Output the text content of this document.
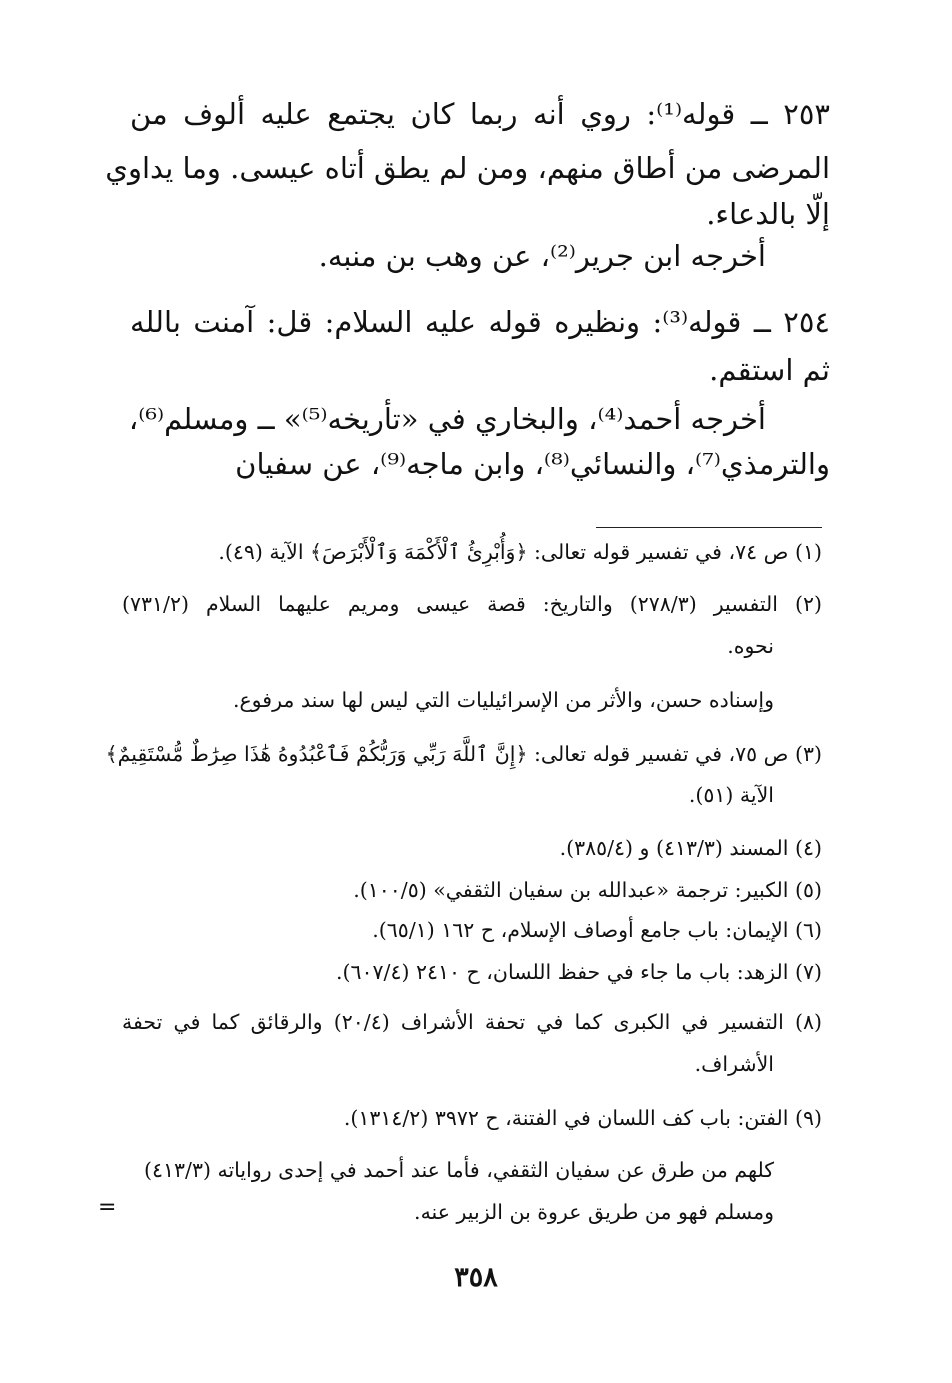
٢٥٣ ــ قوله⁽¹⁾: روي أنه ربما كان يجتمع عليه ألوف من
المرضى من أطاق منهم، ومن لم يطق أتاه عيسى. وما يداوي
إلّا بالدعاء.
أخرجه ابن جرير⁽²⁾، عن وهب بن منبه.
٢٥٤ ــ قوله⁽³⁾: ونظيره قوله عليه السلام: قل: آمنت بالله
ثم استقم.
أخرجه أحمد⁽⁴⁾، والبخاري في «تأريخه⁽⁵⁾» ــ ومسلم⁽⁶⁾،
والترمذي⁽⁷⁾، والنسائي⁽⁸⁾، وابن ماجه⁽⁹⁾، عن سفيان
(١) ص ٧٤، في تفسير قوله تعالى: ﴿وَأُبْرِئُ ٱلْأَكْمَهَ وَٱلْأَبْرَصَ﴾ الآية (٤٩).
(٢) التفسير (٢٧٨/٣) والتاريخ: قصة عيسى ومريم عليهما السلام (٧٣١/٢)
نحوه.
وإسناده حسن، والأثر من الإسرائيليات التي ليس لها سند مرفوع.
(٣) ص ٧٥، في تفسير قوله تعالى: ﴿إِنَّ ٱللَّهَ رَبِّي وَرَبُّكُمْ فَٱعْبُدُوهُ هَٰذَا صِرَٰطٌ مُّسْتَقِيمٌ﴾
الآية (٥١).
(٤) المسند (٤١٣/٣) و (٣٨٥/٤).
(٥) الكبير: ترجمة «عبدالله بن سفيان الثقفي» (١٠٠/٥).
(٦) الإيمان: باب جامع أوصاف الإسلام، ح ١٦٢ (٦٥/١).
(٧) الزهد: باب ما جاء في حفظ اللسان، ح ٢٤١٠ (٦٠٧/٤).
(٨) التفسير في الكبرى كما في تحفة الأشراف (٢٠/٤) والرقائق كما في تحفة
الأشراف.
(٩) الفتن: باب كف اللسان في الفتنة، ح ٣٩٧٢ (١٣١٤/٢).
كلهم من طرق عن سفيان الثقفي، فأما عند أحمد في إحدى رواياته (٤١٣/٣)
ومسلم فهو من طريق عروة بن الزبير عنه.
=
٣٥٨
